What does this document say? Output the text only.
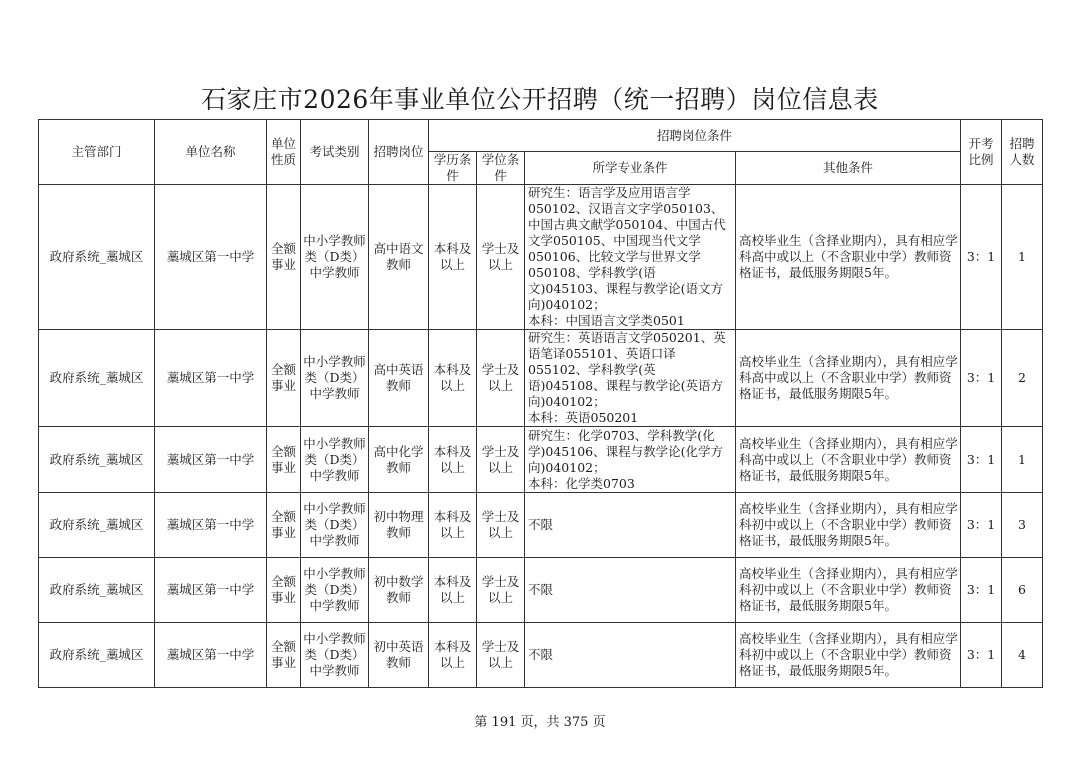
石家庄市2026年事业单位公开招聘（统一招聘）岗位信息表
主管部门	单位名称	单位性质	考试类别	招聘岗位	招聘岗位条件				开考比例	招聘人数
					学历条件	学位条件	所学专业条件	其他条件		
政府系统_藁城区	藁城区第一中学	全额事业	中小学教师类（D类）中学教师	高中语文教师	本科及以上	学士及以上	研究生：语言学及应用语言学050102、汉语言文字学050103、中国古典文献学050104、中国古代文学050105、中国现当代文学050106、比较文学与世界文学050108、学科教学(语文)045103、课程与教学论(语文方向)040102；
本科：中国语言文学类0501	高校毕业生（含择业期内），具有相应学科高中或以上（不含职业中学）教师资格证书，最低服务期限5年。	3：1	1
政府系统_藁城区	藁城区第一中学	全额事业	中小学教师类（D类）中学教师	高中英语教师	本科及以上	学士及以上	研究生：英语语言文学050201、英语笔译055101、英语口译055102、学科教学(英语)045108、课程与教学论(英语方向)040102；
本科：英语050201	高校毕业生（含择业期内），具有相应学科高中或以上（不含职业中学）教师资格证书，最低服务期限5年。	3：1	2
政府系统_藁城区	藁城区第一中学	全额事业	中小学教师类（D类）中学教师	高中化学教师	本科及以上	学士及以上	研究生：化学0703、学科教学(化学)045106、课程与教学论(化学方向)040102；
本科：化学类0703	高校毕业生（含择业期内），具有相应学科高中或以上（不含职业中学）教师资格证书，最低服务期限5年。	3：1	1
政府系统_藁城区	藁城区第一中学	全额事业	中小学教师类（D类）中学教师	初中物理教师	本科及以上	学士及以上	不限	高校毕业生（含择业期内），具有相应学科初中或以上（不含职业中学）教师资格证书，最低服务期限5年。	3：1	3
政府系统_藁城区	藁城区第一中学	全额事业	中小学教师类（D类）中学教师	初中数学教师	本科及以上	学士及以上	不限	高校毕业生（含择业期内），具有相应学科初中或以上（不含职业中学）教师资格证书，最低服务期限5年。	3：1	6
政府系统_藁城区	藁城区第一中学	全额事业	中小学教师类（D类）中学教师	初中英语教师	本科及以上	学士及以上	不限	高校毕业生（含择业期内），具有相应学科初中或以上（不含职业中学）教师资格证书，最低服务期限5年。	3：1	4
第 191 页，共 375 页
